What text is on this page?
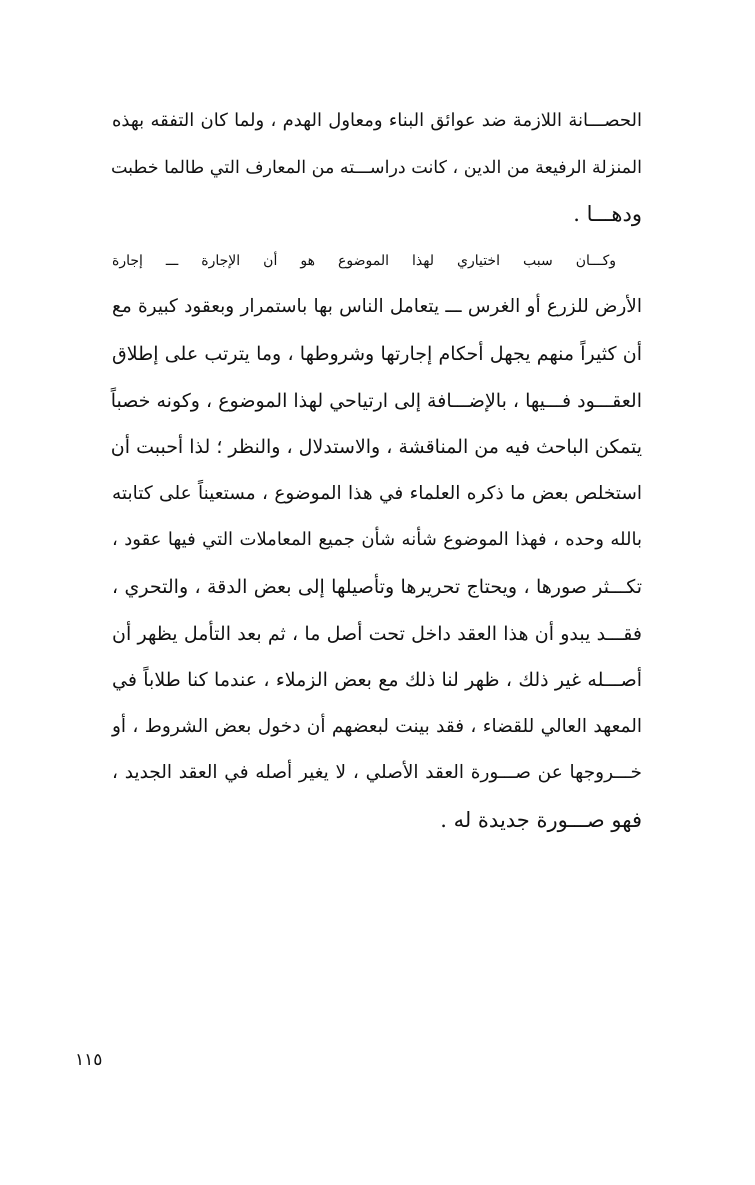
الحصـــانة اللازمة ضد عوائق البناء ومعاول الهدم ، ولما كان التفقه بهذه
المنزلة الرفيعة من الدين ، كانت دراســـته من المعارف التي طالما خطبت
ودهـــا .
وكـــان سبب اختياري لهذا الموضوع هو أن الإجارة ـــ إجارة
الأرض للزرع أو الغرس ـــ يتعامل الناس بها باستمرار وبعقود كبيرة مع
أن كثيراً منهم يجهل أحكام إجارتها وشروطها ، وما يترتب على إطلاق
العقـــود فـــيها ، بالإضـــافة إلى ارتياحي لهذا الموضوع ، وكونه خصباً
يتمكن الباحث فيه من المناقشة ، والاستدلال ، والنظر ؛ لذا أحببت أن
استخلص بعض ما ذكره العلماء في هذا الموضوع ، مستعيناً على كتابته
بالله وحده ، فهذا الموضوع شأنه شأن جميع المعاملات التي فيها عقود ،
تكـــثر صورها ، ويحتاج تحريرها وتأصيلها إلى بعض الدقة ، والتحري ،
فقـــد يبدو أن هذا العقد داخل تحت أصل ما ، ثم بعد التأمل يظهر أن
أصـــله غير ذلك ، ظهر لنا ذلك مع بعض الزملاء ، عندما كنا طلاباً في
المعهد العالي للقضاء ، فقد بينت لبعضهم أن دخول بعض الشروط ، أو
خـــروجها عن صـــورة العقد الأصلي ، لا يغير أصله في العقد الجديد ،
فهو صـــورة جديدة له .
١١٥
